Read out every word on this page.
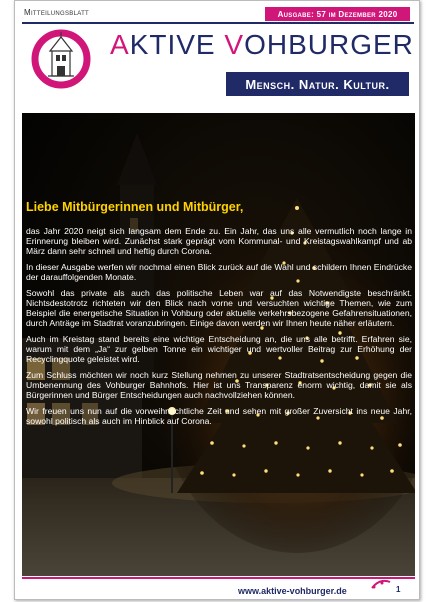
Mitteilungsblatt	Ausgabe: 57 im Dezember 2020
AKTIVE VOHBURGER
Mensch. Natur. Kultur.
Liebe Mitbürgerinnen und Mitbürger,

das Jahr 2020 neigt sich langsam dem Ende zu. Ein Jahr, das uns alle vermutlich noch lange in Erinnerung bleiben wird. Zunächst stark geprägt vom Kommunal- und Kreistagswahlkampf und ab März dann sehr schnell und heftig durch Corona.

In dieser Ausgabe werfen wir nochmal einen Blick zurück auf die Wahl und schildern Ihnen Eindrücke der darauffolgenden Monate.

Sowohl das private als auch das politische Leben war auf das Notwendigste beschränkt. Nichtsdestotrotz richteten wir den Blick nach vorne und versuchten wichtige Themen, wie zum Beispiel die energetische Situation in Vohburg oder aktuelle verkehrsbezogene Gefahrensituationen, durch Anträge im Stadtrat voranzubringen. Einige davon werden wir Ihnen heute näher erläutern.

Auch im Kreistag stand bereits eine wichtige Entscheidung an, die uns alle betrifft. Erfahren sie, warum mit dem „Ja“ zur gelben Tonne ein wichtiger und wertvoller Beitrag zur Erhöhung der Recyclingquote geleistet wird.

Zum Schluss möchten wir noch kurz Stellung nehmen zu unserer Stadtratsentscheidung gegen die Umbenennung des Vohburger Bahnhofs. Hier ist uns Transparenz enorm wichtig, damit sie als Bürgerinnen und Bürger Entscheidungen auch nachvollziehen können.

Wir freuen uns nun auf die vorweihnachtliche Zeit und sehen mit großer Zuversicht ins neue Jahr, sowohl politisch als auch im Hinblick auf Corona.

www.aktive-vohburger.de	1
